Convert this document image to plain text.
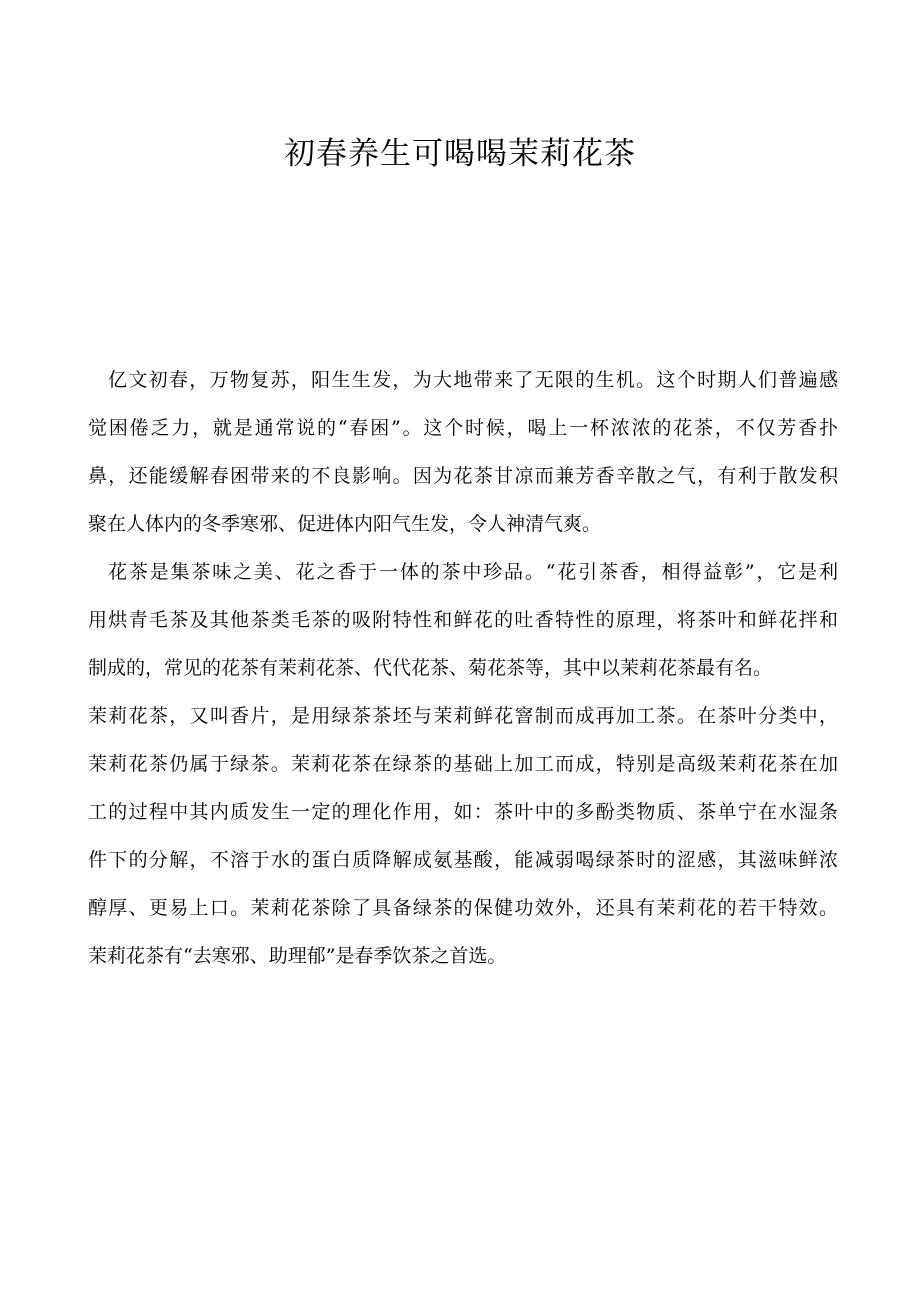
初春养生可喝喝茉莉花茶
亿文初春，万物复苏，阳生生发，为大地带来了无限的生机。这个时期人们普遍感
觉困倦乏力，就是通常说的“春困”。这个时候，喝上一杯浓浓的花茶，不仅芳香扑
鼻，还能缓解春困带来的不良影响。因为花茶甘凉而兼芳香辛散之气，有利于散发积
聚在人体内的冬季寒邪、促进体内阳气生发，令人神清气爽。
花茶是集茶味之美、花之香于一体的茶中珍品。“花引茶香，相得益彰”，它是利
用烘青毛茶及其他茶类毛茶的吸附特性和鲜花的吐香特性的原理，将茶叶和鲜花拌和
制成的，常见的花茶有茉莉花茶、代代花茶、菊花茶等，其中以茉莉花茶最有名。
茉莉花茶，又叫香片，是用绿茶茶坯与茉莉鲜花窨制而成再加工茶。在茶叶分类中，
茉莉花茶仍属于绿茶。茉莉花茶在绿茶的基础上加工而成，特别是高级茉莉花茶在加
工的过程中其内质发生一定的理化作用，如：茶叶中的多酚类物质、茶单宁在水湿条
件下的分解，不溶于水的蛋白质降解成氨基酸，能减弱喝绿茶时的涩感，其滋味鲜浓
醇厚、更易上口。茉莉花茶除了具备绿茶的保健功效外，还具有茉莉花的若干特效。
茉莉花茶有“去寒邪、助理郁”是春季饮茶之首选。
